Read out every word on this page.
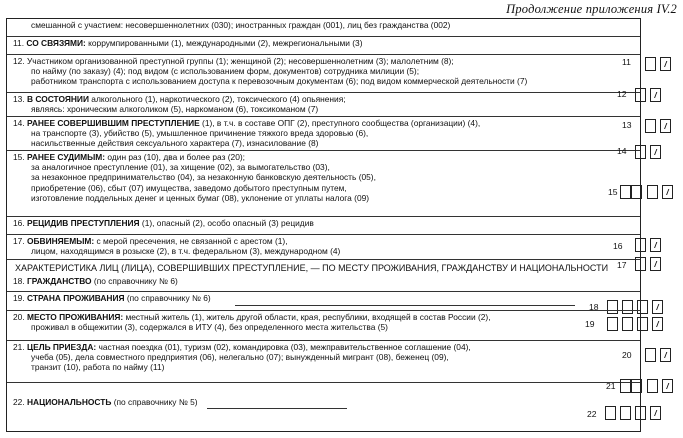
Продолжение приложения IV.2
смешанной с участием: несовершеннолетних (030); иностранных граждан (001), лиц без гражданства (002)
11. СО СВЯЗЯМИ: коррумпированными (1), международными (2), межрегиональными (3)
11	/
12. Участником организованной преступной группы (1); женщиной (2); несовершеннолетним (3); малолетним (8);
по найму (по заказу) (4); под видом (с использованием форм, документов) сотрудника милиции (5);
работником транспорта с использованием доступа к перевозочным документам (6); под видом коммерческой деятельности (7)
12	/
13. В СОСТОЯНИИ алкогольного (1), наркотического (2), токсического (4) опьянения;
являясь: хроническим алкоголиком (5), наркоманом (6), токсикоманом (7)
13	/
14. РАНЕЕ СОВЕРШИВШИМ ПРЕСТУПЛЕНИЕ (1), в т.ч. в составе ОПГ (2), преступного сообщества (организации) (4),
на транспорте (3), убийство (5), умышленное причинение тяжкого вреда здоровью (6),
насильственные действия сексуального характера (7), изнасилование (8)
14	/
15. РАНЕЕ СУДИМЫМ: один раз (10), два и более раз (20);
за аналогичное преступление (01), за хищение (02), за вымогательство (03),
за незаконное предпринимательство (04), за незаконную банковскую деятельность (05),
приобретение (06), сбыт (07) имущества, заведомо добытого преступным путем,
изготовление поддельных денег и ценных бумаг (08), уклонение от уплаты налога (09)
15	/
16. РЕЦИДИВ ПРЕСТУПЛЕНИЯ (1), опасный (2), особо опасный (3) рецидив
16	/
17. ОБВИНЯЕМЫМ: с мерой пресечения, не связанной с арестом (1),
лицом, находящимся в розыске (2), в т.ч. федеральном (3), международном (4)
17	/
ХАРАКТЕРИСТИКА ЛИЦ (ЛИЦА), СОВЕРШИВШИХ ПРЕСТУПЛЕНИЕ, — ПО МЕСТУ ПРОЖИВАНИЯ, ГРАЖДАНСТВУ И НАЦИОНАЛЬНОСТИ
18. ГРАЖДАНСТВО (по справочнику № 6)
18	/
19. СТРАНА ПРОЖИВАНИЯ (по справочнику № 6)
19	/
20. МЕСТО ПРОЖИВАНИЯ: местный житель (1), житель другой области, края, республики, входящей в состав России (2),
проживал в общежитии (3), содержался в ИТУ (4), без определенного места жительства (5)
20	/
21. ЦЕЛЬ ПРИЕЗДА: частная поездка (01), туризм (02), командировка (03), межправительственное соглашение (04),
учеба (05), дела совместного предприятия (06), нелегально (07); вынужденный мигрант (08), беженец (09),
транзит (10), работа по найму (11)
21	/
22. НАЦИОНАЛЬНОСТЬ (по справочнику № 5)
22	/
